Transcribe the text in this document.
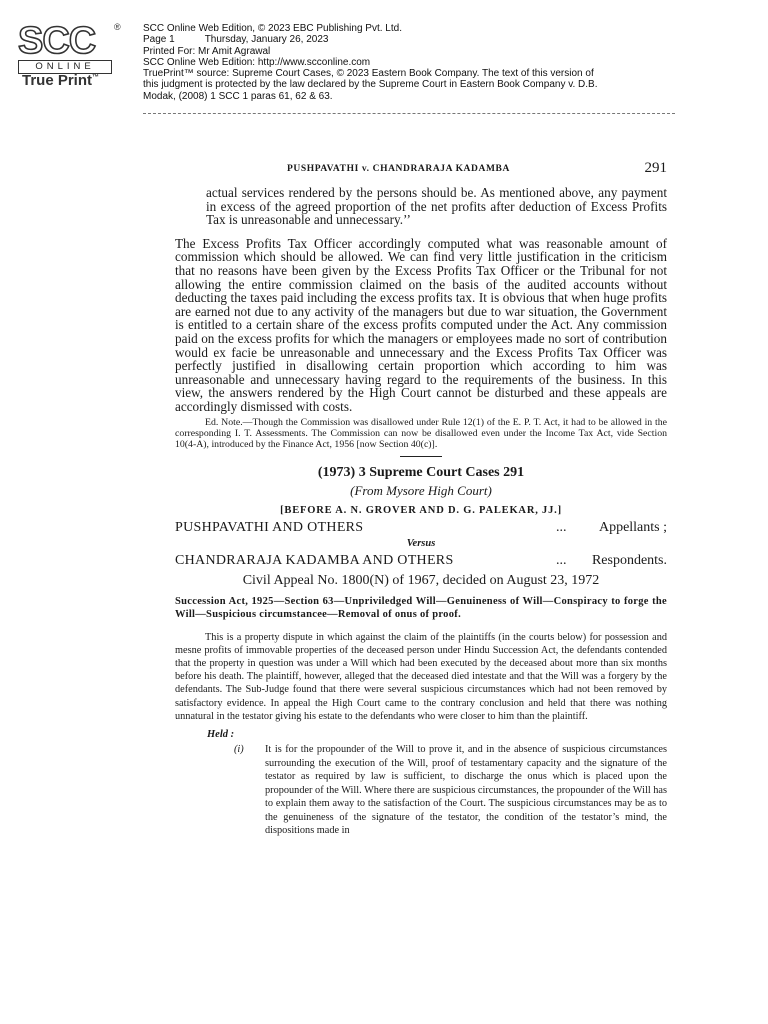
SCC ®
ONLINE
True Print™
SCC Online Web Edition, © 2023 EBC Publishing Pvt. Ltd.
Page 1	Thursday, January 26, 2023
Printed For: Mr Amit Agrawal
SCC Online Web Edition: http://www.scconline.com
TruePrint™ source: Supreme Court Cases, © 2023 Eastern Book Company. The text of this version of
this judgment is protected by the law declared by the Supreme Court in Eastern Book Company v. D.B.
Modak, (2008) 1 SCC 1 paras 61, 62 & 63.
PUSHPAVATHI v. CHANDRARAJA KADAMBA	291
actual services rendered by the persons should be. As mentioned above, any payment in excess of the agreed proportion of the net profits after deduction of Excess Profits Tax is unreasonable and unnecessary.’’
The Excess Profits Tax Officer accordingly computed what was reasonable amount of commission which should be allowed. We can find very little justification in the criticism that no reasons have been given by the Excess Profits Tax Officer or the Tribunal for not allowing the entire commission claimed on the basis of the audited accounts without deducting the taxes paid including the excess profits tax. It is obvious that when huge profits are earned not due to any activity of the managers but due to war situation, the Government is entitled to a certain share of the excess profits computed under the Act. Any commission paid on the excess profits for which the managers or employees made no sort of contribution would ex facie be unreasonable and unnecessary and the Excess Profits Tax Officer was perfectly justified in disallowing certain proportion which according to him was unreasonable and unnecessary having regard to the requirements of the business. In this view, the answers rendered by the High Court cannot be disturbed and these appeals are accordingly dismissed with costs.
Ed. Note.—Though the Commission was disallowed under Rule 12(1) of the E. P. T. Act, it had to be allowed in the corresponding I. T. Assessments. The Commission can now be disallowed even under the Income Tax Act, vide Section 10(4-A), introduced by the Finance Act, 1956 [now Section 40(c)].
(1973) 3 Supreme Court Cases 291
(From Mysore High Court)
[BEFORE A. N. GROVER AND D. G. PALEKAR, JJ.]
PUSHPAVATHI AND OTHERS	... Appellants ;
Versus
CHANDRARAJA KADAMBA AND OTHERS	... Respondents.
Civil Appeal No. 1800(N) of 1967, decided on August 23, 1972
Succession Act, 1925—Section 63—Unpriviledged Will—Genuineness of Will—Conspiracy to forge the Will—Suspicious circumstancee—Removal of onus of proof.
This is a property dispute in which against the claim of the plaintiffs (in the courts below) for possession and mesne profits of immovable properties of the deceased person under Hindu Succession Act, the defendants contended that the property in question was under a Will which had been executed by the deceased about more than six months before his death. The plaintiff, however, alleged that the deceased died intestate and that the Will was a forgery by the defendants. The Sub-Judge found that there were several suspicious circumstances which had not been removed by satisfactory evidence. In appeal the High Court came to the contrary conclusion and held that there was nothing unnatural in the testator giving his estate to the defendants who were closer to him than the plaintiff.
Held :
(i) It is for the propounder of the Will to prove it, and in the absence of suspicious circumstances surrounding the execution of the Will, proof of testamentary capacity and the signature of the testator as required by law is sufficient, to discharge the onus which is placed upon the propounder of the Will. Where there are suspicious circumstances, the propounder of the Will has to explain them away to the satisfaction of the Court. The suspicious circumstances may be as to the genuineness of the signature of the testator, the condition of the testator’s mind, the dispositions made in
